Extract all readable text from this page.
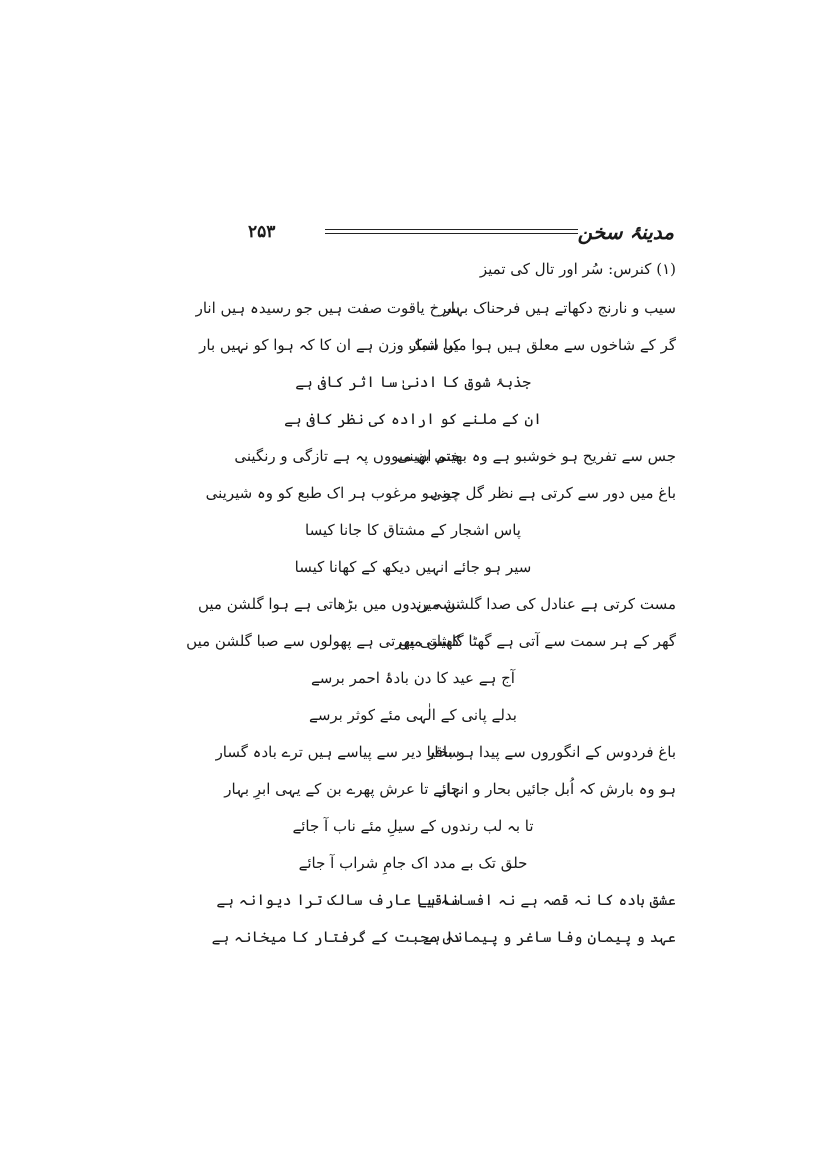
مدینۂ سخن
۲۵۳
(۱) کنرس: سُر اور تال کی تمیز
سیب و نارنج دکھاتے ہیں فرحناک بہار
سرخ یاقوت صفت ہیں جو رسیدہ ہیں انار
گر کے شاخوں سے معلق ہیں ہوا میں اثمار
کیا سبک وزن ہے ان کا کہ ہوا کو نہیں بار
جذبۂ شوق کا ادنیٰ سا اثر کافی ہے
ان کے ملنے کو ارادہ کی نظر کافی ہے
جس سے تفریح ہو خوشبو ہے وہ بھینی بھینی
ختم ان میووں پہ ہے تازگی و رنگینی
باغ میں دور سے کرتی ہے نظر گل چینی
جو ہو مرغوب ہر اک طبع کو وہ شیرینی
پاس اشجار کے مشتاق کا جانا کیسا
سیر ہو جائے انہیں دیکھ کے کھانا کیسا
مست کرتی ہے عنادل کی صدا گلشن میں
نشہ رندوں میں بڑھاتی ہے ہوا گلشن میں
گھر کے ہر سمت سے آتی ہے گھٹا گلشن میں
کھیلتی پھرتی ہے پھولوں سے صبا گلشن میں
آج ہے عید کا دن بادۂ احمر برسے
بدلے پانی کے الٰہی مئے کوثر برسے
باغ فردوس کے انگوروں سے پیدا ہو بخار
ساقیا دیر سے پیاسے ہیں ترے بادہ گسار
ہو وہ بارش کہ اُبل جائیں بحار و انہار
جائے تا عرش پھرے بن کے یہی ابرِ بہار
تا بہ لب رندوں کے سیلِ مئے ناب آ جائے
حلق تک بے مدد اک جامِ شراب آ جائے
عشق بادہ کا نہ قصہ ہے نہ افسانہ ہے
ساقیا عارف سالک ترا دیوانہ ہے
عہد و پیمانِ وفا ساغر و پیمانہ ہے
دل محبت کے گرفتار کا میخانہ ہے
